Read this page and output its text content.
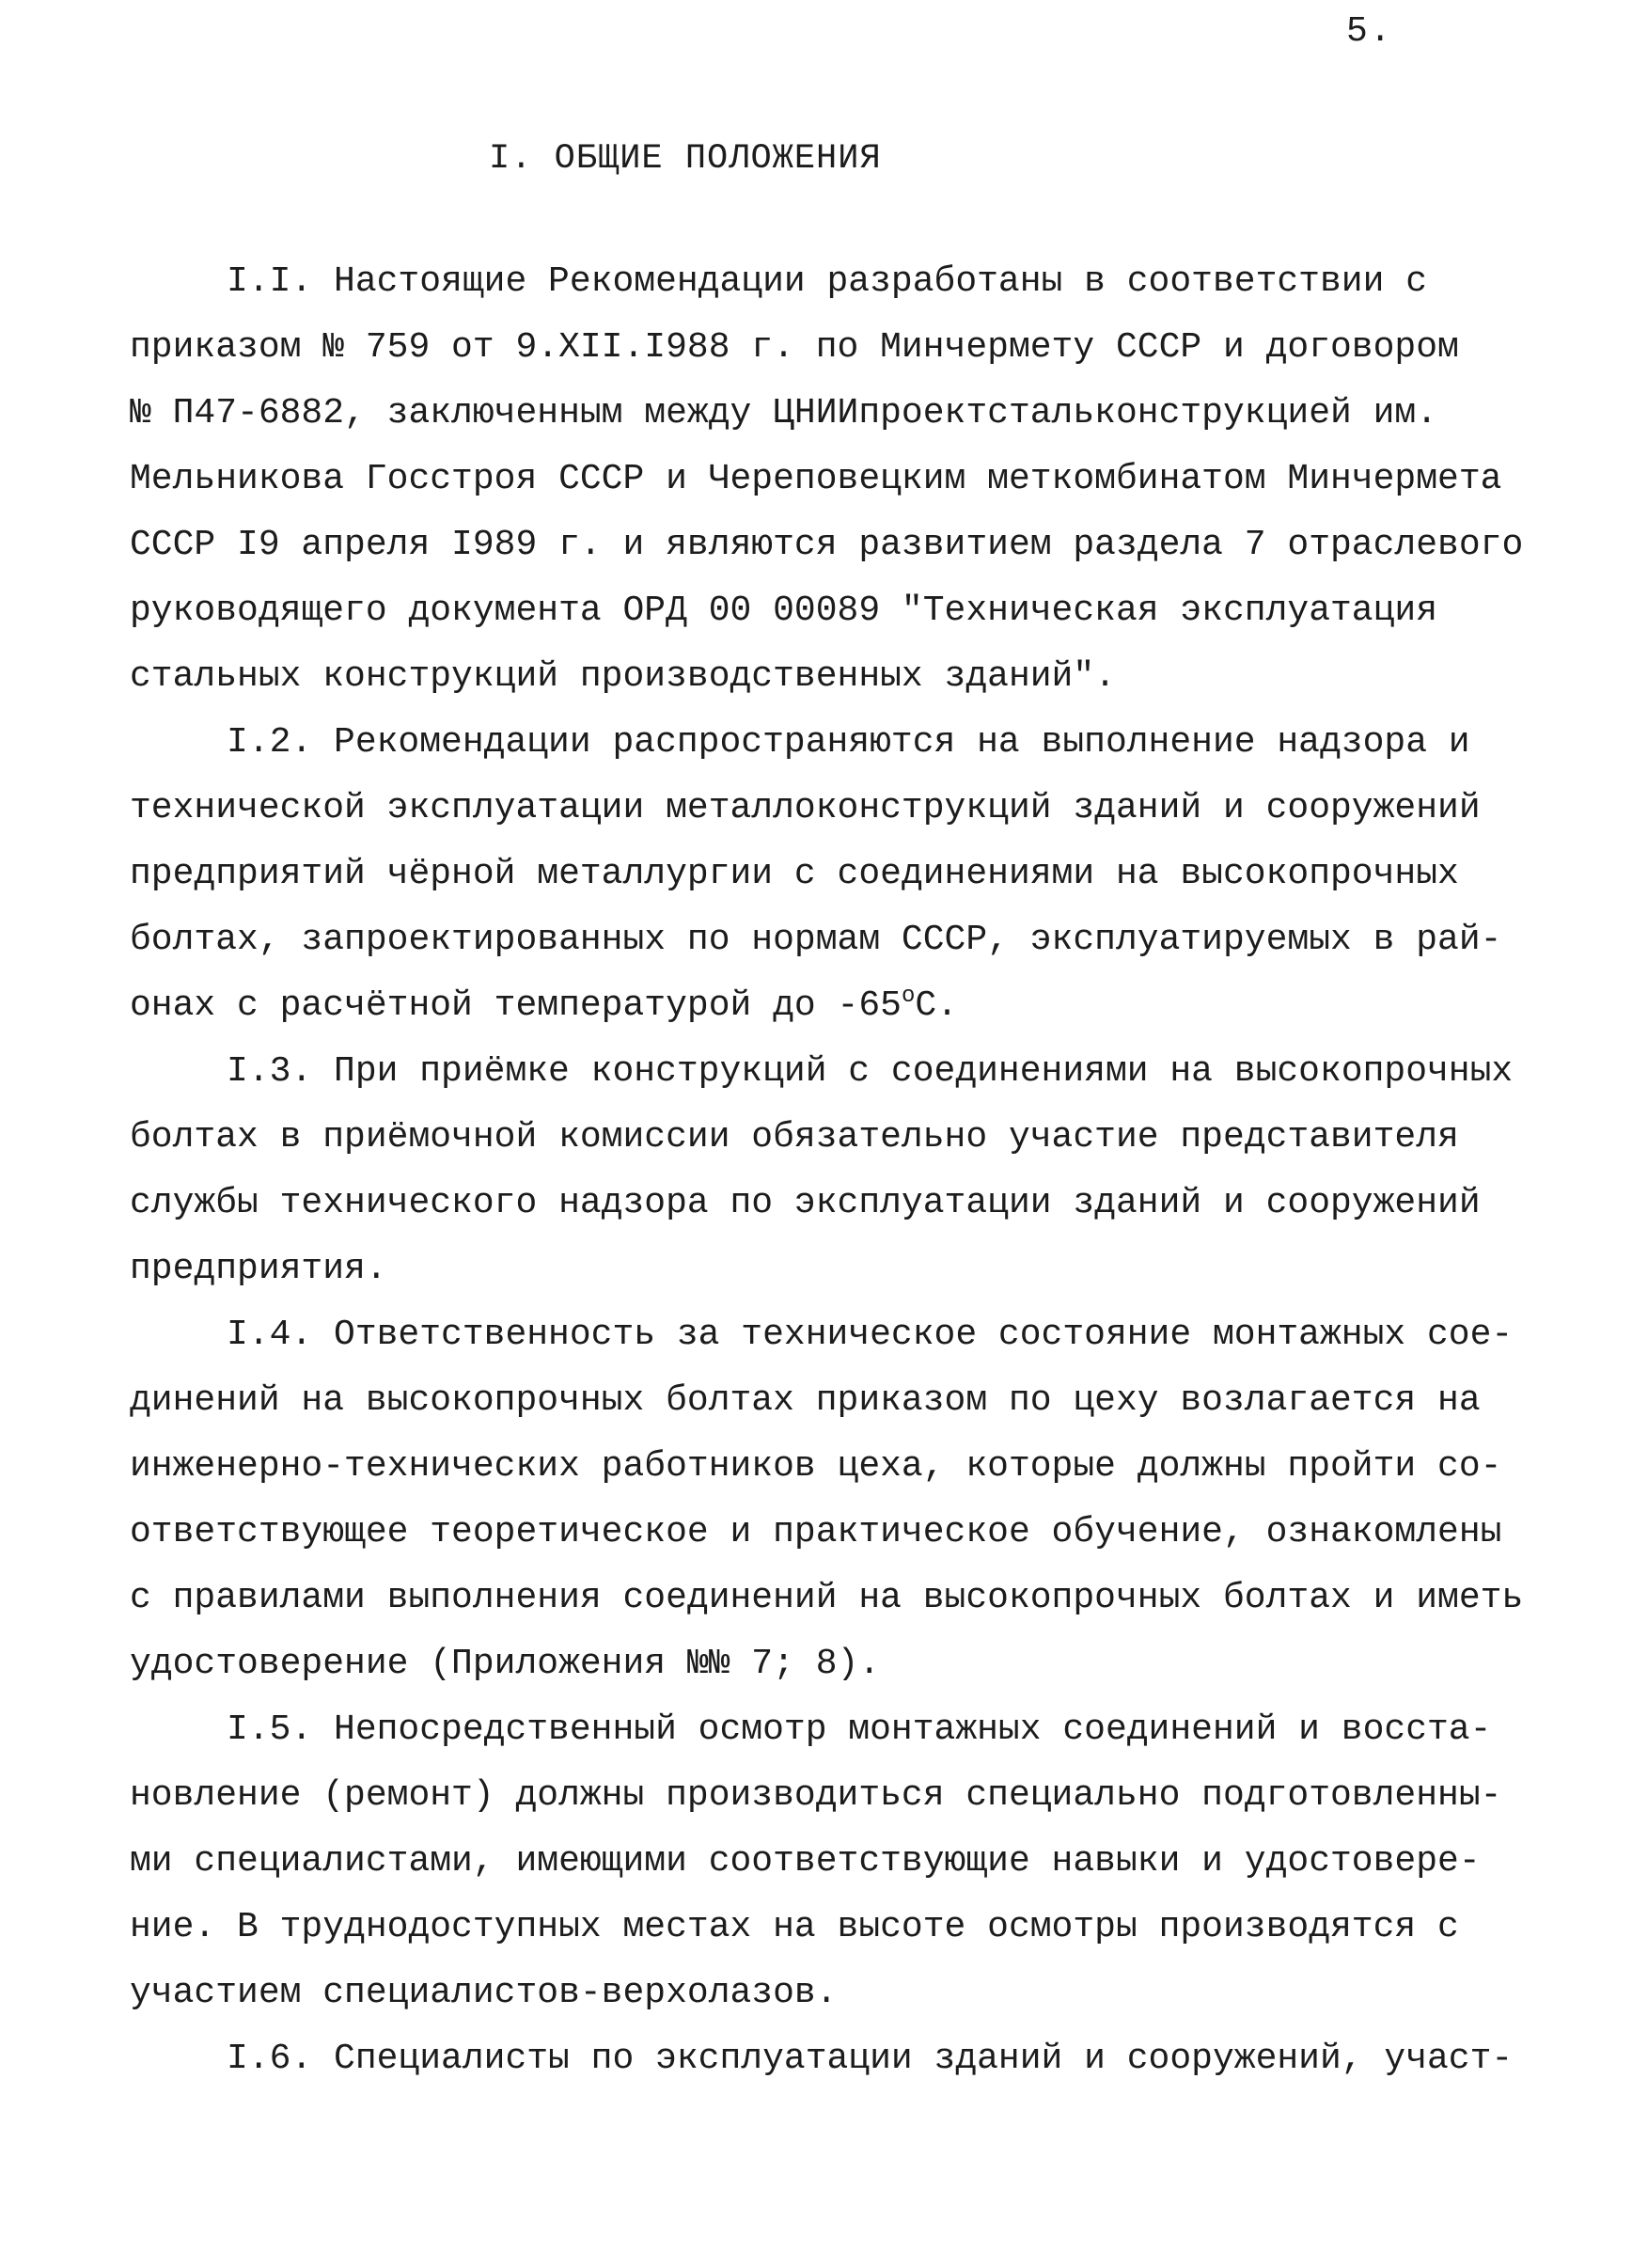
5.
I. ОБЩИЕ ПОЛОЖЕНИЯ
I.I. Настоящие Рекомендации разработаны в соответствии с
приказом № 759 от 9.XII.I988 г. по Минчермету СССР и договором
№ П47-6882, заключенным между ЦНИИпроектстальконструкцией им.
Мельникова Госстроя СССР и Череповецким меткомбинатом Минчермета
СССР I9 апреля I989 г. и являются развитием раздела 7 отраслевого
руководящего документа ОРД 00 00089 "Техническая эксплуатация
стальных конструкций производственных зданий".
I.2. Рекомендации распространяются на выполнение надзора и
технической эксплуатации металлоконструкций зданий и сооружений
предприятий чёрной металлургии с соединениями на высокопрочных
болтах, запроектированных по нормам СССР, эксплуатируемых в рай-
онах с расчётной температурой до -65$^o$С.
I.3. При приёмке конструкций с соединениями на высокопрочных
болтах в приёмочной комиссии обязательно участие представителя
службы технического надзора по эксплуатации зданий и сооружений
предприятия.
I.4. Ответственность за техническое состояние монтажных сое-
динений на высокопрочных болтах приказом по цеху возлагается на
инженерно-технических работников цеха, которые должны пройти со-
ответствующее теоретическое и практическое обучение, ознакомлены
с правилами выполнения соединений на высокопрочных болтах и иметь
удостоверение (Приложения №№ 7; 8).
I.5. Непосредственный осмотр монтажных соединений и восста-
новление (ремонт) должны производиться специально подготовленны-
ми специалистами, имеющими соответствующие навыки и удостовере-
ние. В труднодоступных местах на высоте осмотры производятся с
участием специалистов-верхолазов.
I.6. Специалисты по эксплуатации зданий и сооружений, участ-
